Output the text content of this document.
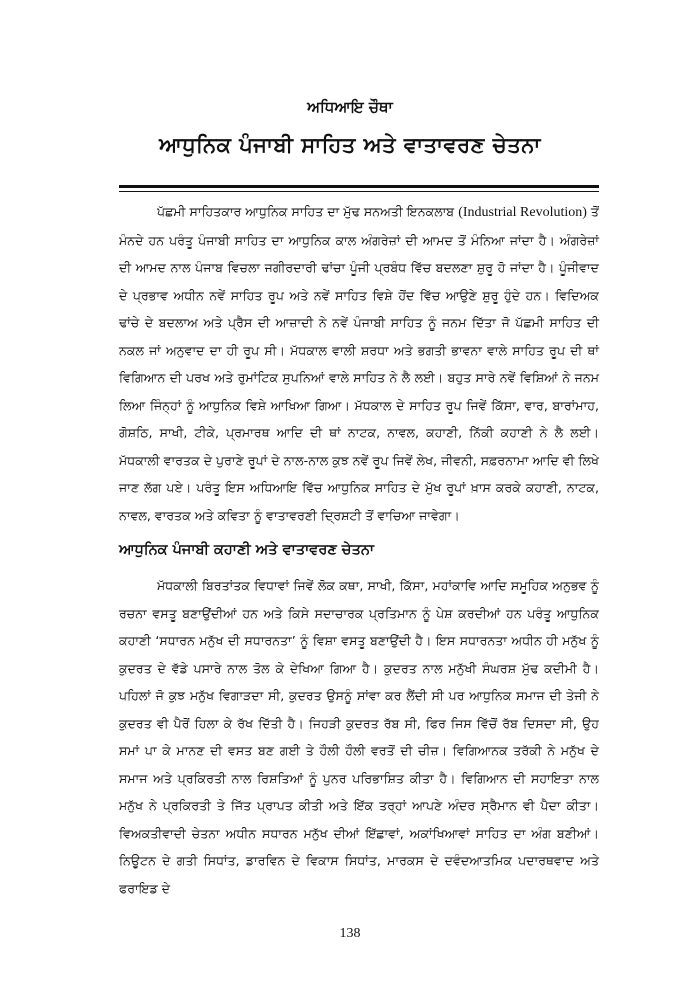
ਅਧਿਆਇ ਚੌਥਾ
ਆਧੁਨਿਕ ਪੰਜਾਬੀ ਸਾਹਿਤ ਅਤੇ ਵਾਤਾਵਰਣ ਚੇਤਨਾ

ਪੱਛਮੀ ਸਾਹਿਤਕਾਰ ਆਧੁਨਿਕ ਸਾਹਿਤ ਦਾ ਮੁੱਢ ਸਨਅਤੀ ਇਨਕਲਾਬ (Industrial Revolution) ਤੋਂ ਮੰਨਦੇ ਹਨ ਪਰੰਤੂ ਪੰਜਾਬੀ ਸਾਹਿਤ ਦਾ ਆਧੁਨਿਕ ਕਾਲ ਅੰਗਰੇਜ਼ਾਂ ਦੀ ਆਮਦ ਤੋਂ ਮੰਨਿਆ ਜਾਂਦਾ ਹੈ। ਅੰਗਰੇਜ਼ਾਂ ਦੀ ਆਮਦ ਨਾਲ ਪੰਜਾਬ ਵਿਚਲਾ ਜਗੀਰਦਾਰੀ ਢਾਂਚਾ ਪੂੰਜੀ ਪ੍ਰਬੰਧ ਵਿੱਚ ਬਦਲਣਾ ਸ਼ੁਰੂ ਹੋ ਜਾਂਦਾ ਹੈ। ਪੂੰਜੀਵਾਦ ਦੇ ਪ੍ਰਭਾਵ ਅਧੀਨ ਨਵੇਂ ਸਾਹਿਤ ਰੂਪ ਅਤੇ ਨਵੇਂ ਸਾਹਿਤ ਵਿਸ਼ੇ ਹੋਂਦ ਵਿੱਚ ਆਉਣੇ ਸ਼ੁਰੂ ਹੁੰਦੇ ਹਨ। ਵਿਦਿਅਕ ਢਾਂਚੇ ਦੇ ਬਦਲਾਅ ਅਤੇ ਪ੍ਰੈਸ ਦੀ ਆਜ਼ਾਦੀ ਨੇ ਨਵੇਂ ਪੰਜਾਬੀ ਸਾਹਿਤ ਨੂੰ ਜਨਮ ਦਿੱਤਾ ਜੋ ਪੱਛਮੀ ਸਾਹਿਤ ਦੀ ਨਕਲ ਜਾਂ ਅਨੁਵਾਦ ਦਾ ਹੀ ਰੂਪ ਸੀ। ਮੱਧਕਾਲ ਵਾਲੀ ਸ਼ਰਧਾ ਅਤੇ ਭਗਤੀ ਭਾਵਨਾ ਵਾਲੇ ਸਾਹਿਤ ਰੂਪ ਦੀ ਥਾਂ ਵਿਗਿਆਨ ਦੀ ਪਰਖ ਅਤੇ ਰੁਮਾਂਟਿਕ ਸੁਪਨਿਆਂ ਵਾਲੇ ਸਾਹਿਤ ਨੇ ਲੈ ਲਈ। ਬਹੁਤ ਸਾਰੇ ਨਵੇਂ ਵਿਸ਼ਿਆਂ ਨੇ ਜਨਮ ਲਿਆ ਜਿੰਨ੍ਹਾਂ ਨੂੰ ਆਧੁਨਿਕ ਵਿਸ਼ੇ ਆਖਿਆ ਗਿਆ। ਮੱਧਕਾਲ ਦੇ ਸਾਹਿਤ ਰੂਪ ਜਿਵੇਂ ਕਿੱਸਾ, ਵਾਰ, ਬਾਰਾਂਮਾਹ, ਗੋਸ਼ਠਿ, ਸਾਖੀ, ਟੀਕੇ, ਪ੍ਰਮਾਰਥ ਆਦਿ ਦੀ ਥਾਂ ਨਾਟਕ, ਨਾਵਲ, ਕਹਾਣੀ, ਨਿੱਕੀ ਕਹਾਣੀ ਨੇ ਲੈ ਲਈ। ਮੱਧਕਾਲੀ ਵਾਰਤਕ ਦੇ ਪੁਰਾਣੇ ਰੂਪਾਂ ਦੇ ਨਾਲ-ਨਾਲ ਕੁਝ ਨਵੇਂ ਰੂਪ ਜਿਵੇਂ ਲੇਖ, ਜੀਵਨੀ, ਸਫ਼ਰਨਾਮਾ ਆਦਿ ਵੀ ਲਿਖੇ ਜਾਣ ਲੱਗ ਪਏ। ਪਰੰਤੂ ਇਸ ਅਧਿਆਇ ਵਿੱਚ ਆਧੁਨਿਕ ਸਾਹਿਤ ਦੇ ਮੁੱਖ ਰੂਪਾਂ ਖ਼ਾਸ ਕਰਕੇ ਕਹਾਣੀ, ਨਾਟਕ, ਨਾਵਲ, ਵਾਰਤਕ ਅਤੇ ਕਵਿਤਾ ਨੂੰ ਵਾਤਾਵਰਣੀ ਦ੍ਰਿਸ਼ਟੀ ਤੋਂ ਵਾਚਿਆ ਜਾਵੇਗਾ।

ਆਧੁਨਿਕ ਪੰਜਾਬੀ ਕਹਾਣੀ ਅਤੇ ਵਾਤਾਵਰਣ ਚੇਤਨਾ

ਮੱਧਕਾਲੀ ਬਿਰਤਾਂਤਕ ਵਿਧਾਵਾਂ ਜਿਵੇਂ ਲੋਕ ਕਥਾ, ਸਾਖੀ, ਕਿੱਸਾ, ਮਹਾਂਕਾਵਿ ਆਦਿ ਸਮੂਹਿਕ ਅਨੁਭਵ ਨੂੰ ਰਚਨਾ ਵਸਤੂ ਬਣਾਉਂਦੀਆਂ ਹਨ ਅਤੇ ਕਿਸੇ ਸਦਾਚਾਰਕ ਪ੍ਰਤਿਮਾਨ ਨੂੰ ਪੇਸ਼ ਕਰਦੀਆਂ ਹਨ ਪਰੰਤੂ ਆਧੁਨਿਕ ਕਹਾਣੀ ‘ਸਧਾਰਨ ਮਨੁੱਖ ਦੀ ਸਧਾਰਨਤਾ’ ਨੂੰ ਵਿਸ਼ਾ ਵਸਤੂ ਬਣਾਉਂਦੀ ਹੈ। ਇਸ ਸਧਾਰਨਤਾ ਅਧੀਨ ਹੀ ਮਨੁੱਖ ਨੂੰ ਕੁਦਰਤ ਦੇ ਵੱਡੇ ਪਸਾਰੇ ਨਾਲ ਤੋਲ ਕੇ ਦੇਖਿਆ ਗਿਆ ਹੈ। ਕੁਦਰਤ ਨਾਲ ਮਨੁੱਖੀ ਸੰਘਰਸ਼ ਮੁੱਢ ਕਦੀਮੀ ਹੈ। ਪਹਿਲਾਂ ਜੋ ਕੁਝ ਮਨੁੱਖ ਵਿਗਾੜਦਾ ਸੀ, ਕੁਦਰਤ ਉਸਨੂੰ ਸਾਂਵਾ ਕਰ ਲੈਂਦੀ ਸੀ ਪਰ ਆਧੁਨਿਕ ਸਮਾਜ ਦੀ ਤੇਜੀ ਨੇ ਕੁਦਰਤ ਵੀ ਪੈਰੋਂ ਹਿਲਾ ਕੇ ਰੱਖ ਦਿੱਤੀ ਹੈ। ਜਿਹੜੀ ਕੁਦਰਤ ਰੱਬ ਸੀ, ਫਿਰ ਜਿਸ ਵਿੱਚੋਂ ਰੱਬ ਦਿਸਦਾ ਸੀ, ਉਹ ਸਮਾਂ ਪਾ ਕੇ ਮਾਨਣ ਦੀ ਵਸਤ ਬਣ ਗਈ ਤੇ ਹੌਲੀ ਹੌਲੀ ਵਰਤੋਂ ਦੀ ਚੀਜ਼। ਵਿਗਿਆਨਕ ਤਰੱਕੀ ਨੇ ਮਨੁੱਖ ਦੇ ਸਮਾਜ ਅਤੇ ਪ੍ਰਕਿਰਤੀ ਨਾਲ ਰਿਸ਼ਤਿਆਂ ਨੂੰ ਪੁਨਰ ਪਰਿਭਾਸ਼ਿਤ ਕੀਤਾ ਹੈ। ਵਿਗਿਆਨ ਦੀ ਸਹਾਇਤਾ ਨਾਲ ਮਨੁੱਖ ਨੇ ਪ੍ਰਕਿਰਤੀ ਤੇ ਜਿੱਤ ਪ੍ਰਾਪਤ ਕੀਤੀ ਅਤੇ ਇੱਕ ਤਰ੍ਹਾਂ ਆਪਣੇ ਅੰਦਰ ਸ੍ਰੈਮਾਨ ਵੀ ਪੈਦਾ ਕੀਤਾ। ਵਿਅਕਤੀਵਾਦੀ ਚੇਤਨਾ ਅਧੀਨ ਸਧਾਰਨ ਮਨੁੱਖ ਦੀਆਂ ਇੱਛਾਵਾਂ, ਅਕਾਂਖਿਆਵਾਂ ਸਾਹਿਤ ਦਾ ਅੰਗ ਬਣੀਆਂ। ਨਿਊਟਨ ਦੇ ਗਤੀ ਸਿਧਾਂਤ, ਡਾਰਵਿਨ ਦੇ ਵਿਕਾਸ ਸਿਧਾਂਤ, ਮਾਰਕਸ ਦੇ ਦਵੰਦਆਤਮਿਕ ਪਦਾਰਥਵਾਦ ਅਤੇ ਫਰਾਇਡ ਦੇ

138
